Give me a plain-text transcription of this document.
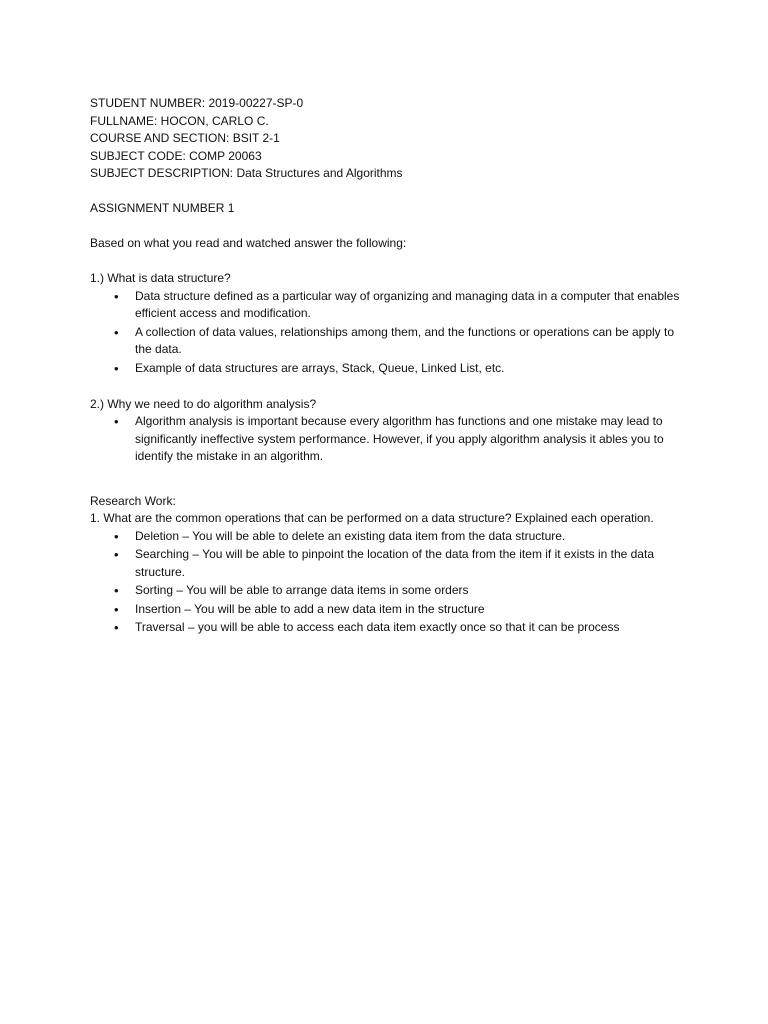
STUDENT NUMBER: 2019-00227-SP-0

FULLNAME: HOCON, CARLO C.

COURSE AND SECTION: BSIT 2-1

SUBJECT CODE: COMP 20063

SUBJECT DESCRIPTION: Data Structures and Algorithms

ASSIGNMENT NUMBER 1

Based on what you read and watched answer the following:

1.) What is data structure?

• Data structure defined as a particular way of organizing and managing data in a computer that enables efficient access and modification.
• A collection of data values, relationships among them, and the functions or operations can be apply to the data.
• Example of data structures are arrays, Stack, Queue, Linked List, etc.

2.) Why we need to do algorithm analysis?

• Algorithm analysis is important because every algorithm has functions and one mistake may lead to significantly ineffective system performance. However, if you apply algorithm analysis it ables you to identify the mistake in an algorithm.

Research Work:

1. What are the common operations that can be performed on a data structure? Explained each operation.

• Deletion – You will be able to delete an existing data item from the data structure.
• Searching – You will be able to pinpoint the location of the data from the item if it exists in the data structure.
• Sorting – You will be able to arrange data items in some orders
• Insertion – You will be able to add a new data item in the structure
• Traversal – you will be able to access each data item exactly once so that it can be process
